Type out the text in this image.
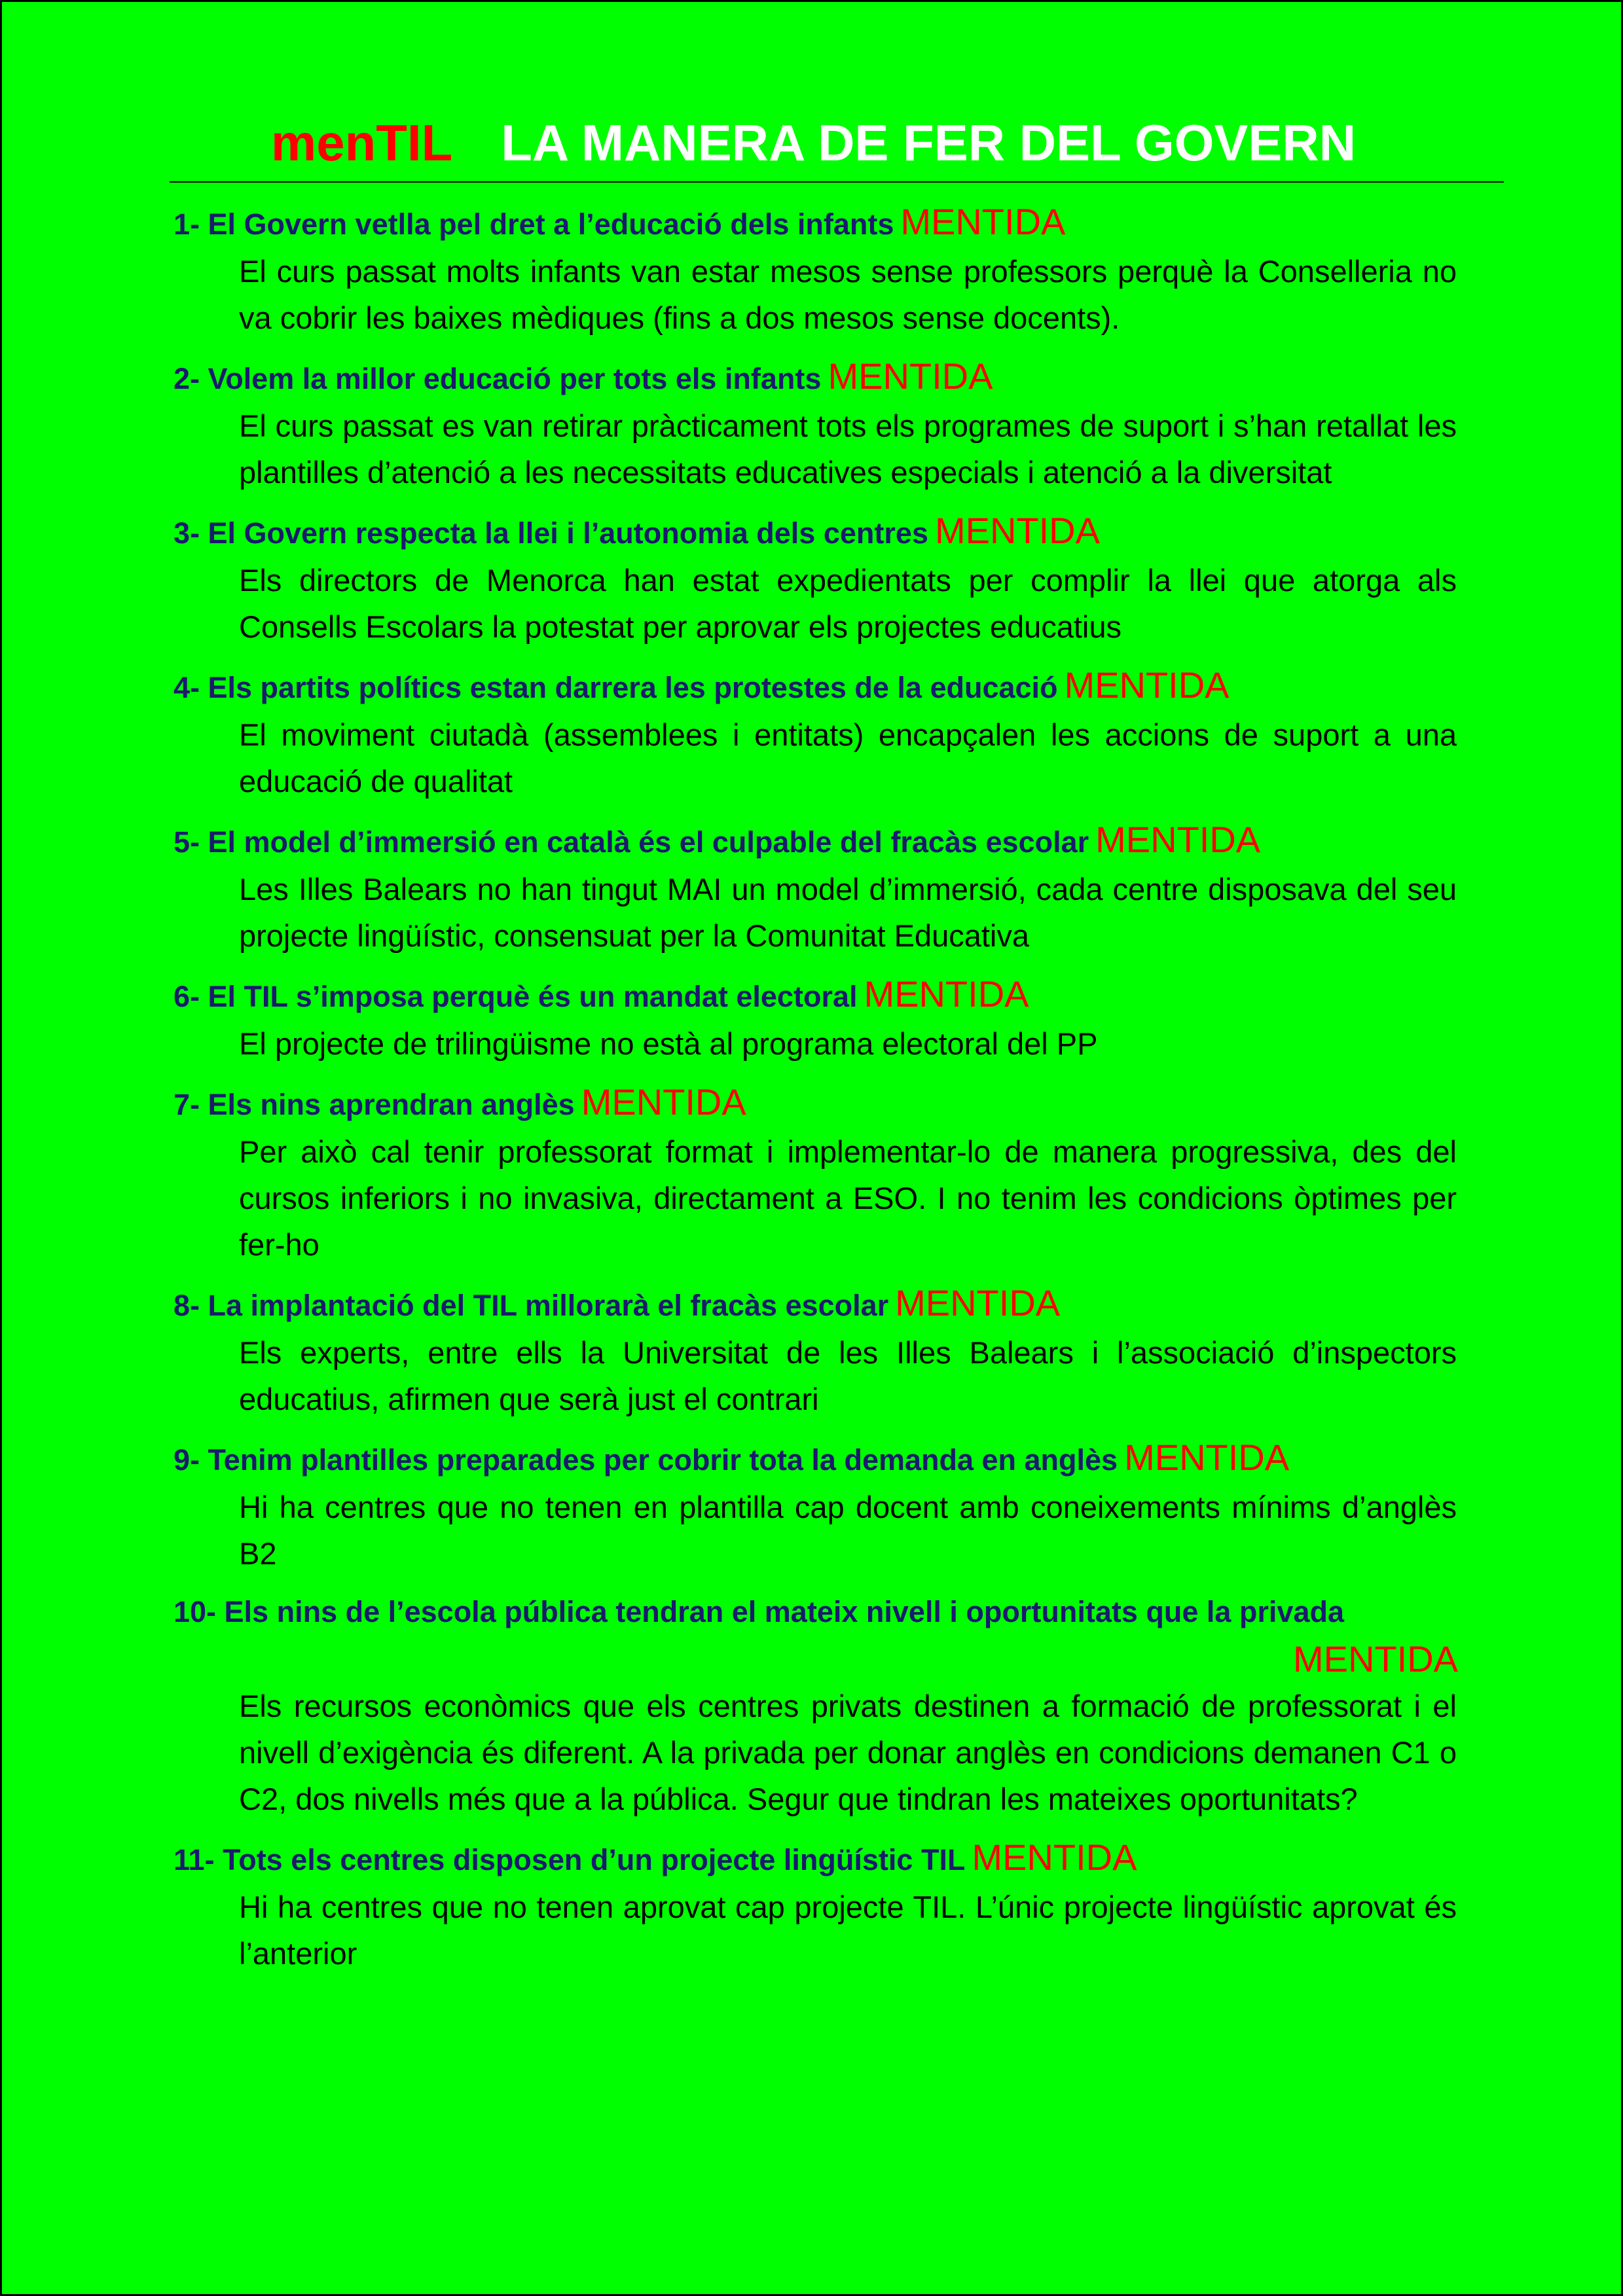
menTIL LA MANERA DE FER DEL GOVERN
1- El Govern vetlla pel dret a l’educació dels infants MENTIDA
El curs passat molts infants van estar mesos sense professors perquè la Conselleria no va cobrir les baixes mèdiques (fins a dos mesos sense docents).
2- Volem la millor educació per tots els infants MENTIDA
El curs passat es van retirar pràcticament tots els programes de suport i s’han retallat les plantilles d’atenció a les necessitats educatives especials i atenció a la diversitat
3- El Govern respecta la llei i l’autonomia dels centres MENTIDA
Els directors de Menorca han estat expedientats per complir la llei que atorga als Consells Escolars la potestat per aprovar els projectes educatius
4- Els partits polítics estan darrera les protestes de la educació MENTIDA
El moviment ciutadà (assemblees i entitats) encapçalen les accions de suport a una educació de qualitat
5- El model d’immersió en català és el culpable del fracàs escolar MENTIDA
Les Illes Balears no han tingut MAI un model d’immersió, cada centre disposava del seu projecte lingüístic, consensuat per la Comunitat Educativa
6- El TIL s’imposa perquè és un mandat electoral MENTIDA
El projecte de trilingüisme no està al programa electoral del PP
7- Els nins aprendran anglès MENTIDA
Per això cal tenir professorat format i implementar-lo de manera progressiva, des del cursos inferiors i no invasiva, directament a ESO. I no tenim les condicions òptimes per fer-ho
8- La implantació del TIL millorarà el fracàs escolar MENTIDA
Els experts, entre ells la Universitat de les Illes Balears i l’associació d’inspectors educatius, afirmen que serà just el contrari
9- Tenim plantilles preparades per cobrir tota la demanda en anglès MENTIDA
Hi ha centres que no tenen en plantilla cap docent amb coneixements mínims d’anglès B2
10- Els nins de l’escola pública tendran el mateix nivell i oportunitats que la privada
MENTIDA
Els recursos econòmics que els centres privats destinen a formació de professorat i el nivell d’exigència és diferent. A la privada per donar anglès en condicions demanen C1 o C2, dos nivells més que a la pública. Segur que tindran les mateixes oportunitats?
11- Tots els centres disposen d’un projecte lingüístic TIL MENTIDA
Hi ha centres que no tenen aprovat cap projecte TIL. L’únic projecte lingüístic aprovat és l’anterior
